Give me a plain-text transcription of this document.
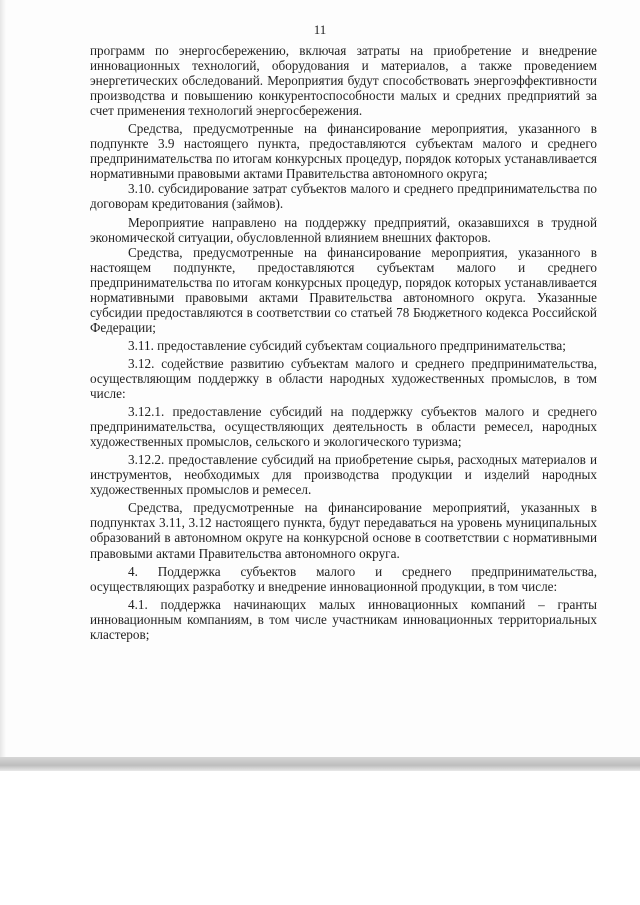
11

программ по энергосбережению, включая затраты на приобретение и внедрение инновационных технологий, оборудования и материалов, а также проведением энергетических обследований. Мероприятия будут способствовать энергоэффективности производства и повышению конкурентоспособности малых и средних предприятий за счет применения технологий энергосбережения.

Средства, предусмотренные на финансирование мероприятия, указанного в подпункте 3.9 настоящего пункта, предоставляются субъектам малого и среднего предпринимательства по итогам конкурсных процедур, порядок которых устанавливается нормативными правовыми актами Правительства автономного округа;

3.10. субсидирование затрат субъектов малого и среднего предпринимательства по договорам кредитования (займов).

Мероприятие направлено на поддержку предприятий, оказавшихся в трудной экономической ситуации, обусловленной влиянием внешних факторов.

Средства, предусмотренные на финансирование мероприятия, указанного в настоящем подпункте, предоставляются субъектам малого и среднего предпринимательства по итогам конкурсных процедур, порядок которых устанавливается нормативными правовыми актами Правительства автономного округа. Указанные субсидии предоставляются в соответствии со статьей 78 Бюджетного кодекса Российской Федерации;

3.11. предоставление субсидий субъектам социального предпринимательства;

3.12. содействие развитию субъектам малого и среднего предпринимательства, осуществляющим поддержку в области народных художественных промыслов, в том числе:

3.12.1. предоставление субсидий на поддержку субъектов малого и среднего предпринимательства, осуществляющих деятельность в области ремесел, народных художественных промыслов, сельского и экологического туризма;

3.12.2. предоставление субсидий на приобретение сырья, расходных материалов и инструментов, необходимых для производства продукции и изделий народных художественных промыслов и ремесел.

Средства, предусмотренные на финансирование мероприятий, указанных в подпунктах 3.11, 3.12 настоящего пункта, будут передаваться на уровень муниципальных образований в автономном округе на конкурсной основе в соответствии с нормативными правовыми актами Правительства автономного округа.

4. Поддержка субъектов малого и среднего предпринимательства, осуществляющих разработку и внедрение инновационной продукции, в том числе:

4.1. поддержка начинающих малых инновационных компаний – гранты инновационным компаниям, в том числе участникам инновационных территориальных кластеров;
